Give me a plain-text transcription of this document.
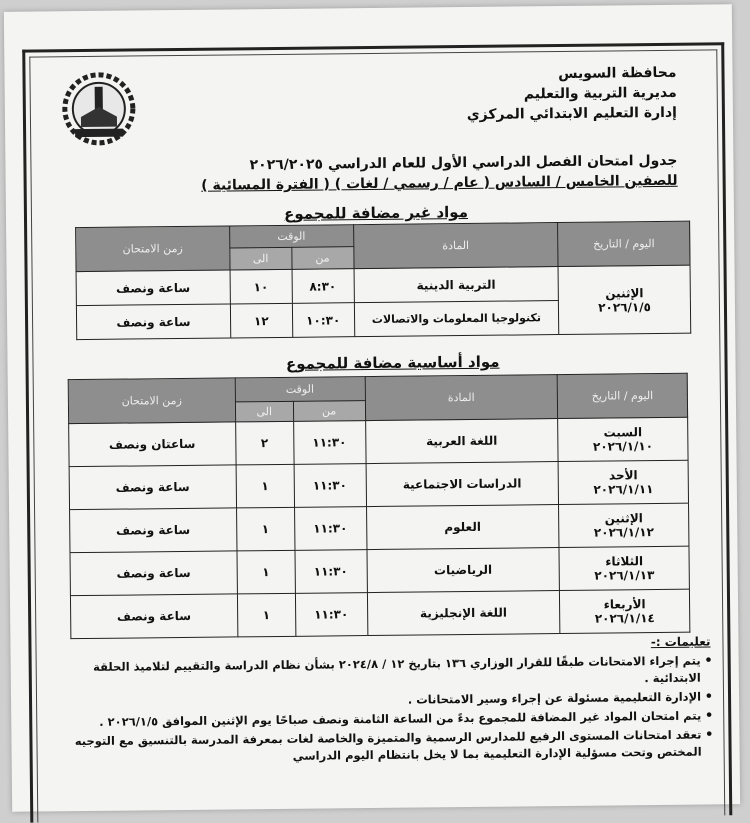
محافظة السويس
مديرية التربية والتعليم
إدارة التعليم الابتدائي المركزي
جدول امتحان الفصل الدراسي الأول للعام الدراسي ٢٠٢٦/٢٠٢٥
للصفين الخامس / السادس ( عام / رسمي / لغات ) ( الفترة المسائية )
مواد غير مضافة للمجموع
اليوم / التاريخ	المادة	الوقت		زمن الامتحان
		من	الى	

الإثنين
٢٠٢٦/١/٥	التربية الدينية	٨:٣٠	١٠	ساعة ونصف
	تكنولوجيا المعلومات والاتصالات	١٠:٣٠	١٢	ساعة ونصف
مواد أساسية مضافة للمجموع
اليوم / التاريخ	المادة	الوقت		زمن الامتحان
		من	الى	

السبت
٢٠٢٦/١/١٠	اللغة العربية	١١:٣٠	٢	ساعتان ونصف

الأحد
٢٠٢٦/١/١١	الدراسات الاجتماعية	١١:٣٠	١	ساعة ونصف

الإثنين
٢٠٢٦/١/١٢	العلوم	١١:٣٠	١	ساعة ونصف

الثلاثاء
٢٠٢٦/١/١٣	الرياضيات	١١:٣٠	١	ساعة ونصف

الأربعاء
٢٠٢٦/١/١٤	اللغة الإنجليزية	١١:٣٠	١	ساعة ونصف
تعليمات :-
• يتم إجراء الامتحانات طبقًا للقرار الوزاري ١٣٦ بتاريخ ١٢ / ٢٠٢٤/٨ بشأن نظام الدراسة والتقييم لتلاميذ الحلقة الابتدائية .
• الإدارة التعليمية مسئولة عن إجراء وسير الامتحانات .
• يتم امتحان المواد غير المضافة للمجموع بدءً من الساعة الثامنة ونصف صباحًا يوم الإثنين الموافق ٢٠٢٦/١/٥ .
• تعقد امتحانات المستوى الرفيع للمدارس الرسمية والمتميزة والخاصة لغات بمعرفة المدرسة بالتنسيق مع التوجيه المختص وتحت مسؤلية الإدارة التعليمية بما لا يخل بانتظام اليوم الدراسي
